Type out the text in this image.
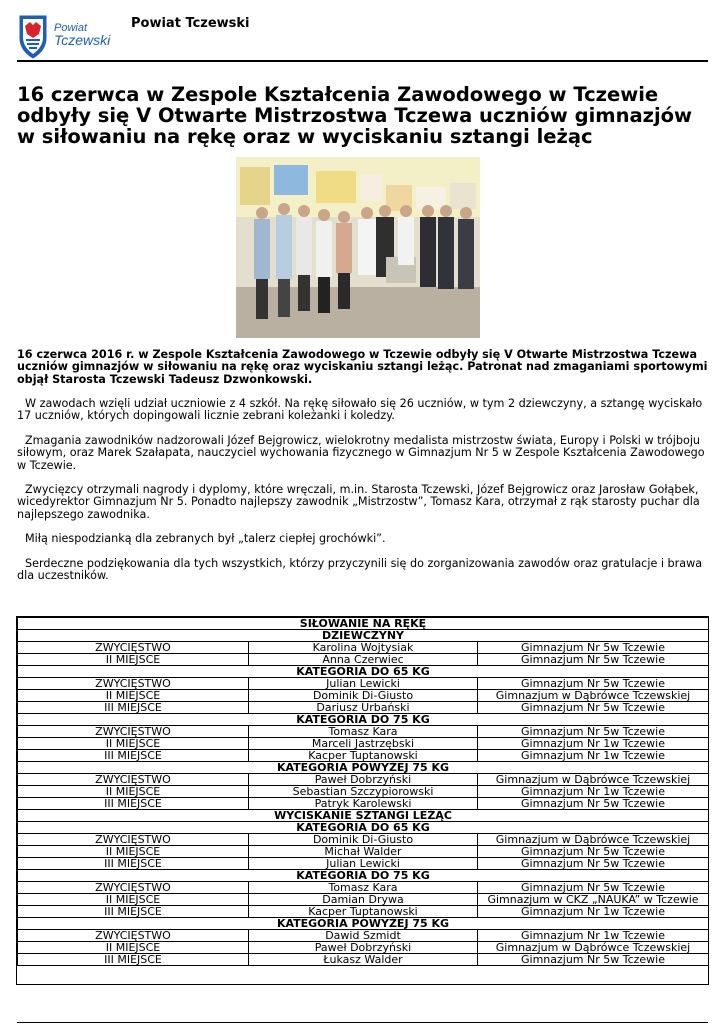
Powiat
Tczewski
Powiat Tczewski
16 czerwca w Zespole Kształcenia Zawodowego w Tczewie odbyły się V Otwarte Mistrzostwa Tczewa uczniów gimnazjów w siłowaniu na rękę oraz w wyciskaniu sztangi leżąc

16 czerwca 2016 r. w Zespole Kształcenia Zawodowego w Tczewie odbyły się V Otwarte Mistrzostwa Tczewa uczniów gimnazjów w siłowaniu na rękę oraz wyciskaniu sztangi leżąc. Patronat nad zmaganiami sportowymi objął Starosta Tczewski Tadeusz Dzwonkowski.

W zawodach wzięli udział uczniowie z 4 szkół. Na rękę siłowało się 26 uczniów, w tym 2 dziewczyny, a sztangę wyciskało 17 uczniów, których dopingowali licznie zebrani koleżanki i koledzy.

Zmagania zawodników nadzorowali Józef Bejgrowicz, wielokrotny medalista mistrzostw świata, Europy i Polski w trójboju siłowym, oraz Marek Szałapata, nauczyciel wychowania fizycznego w Gimnazjum Nr 5 w Zespole Kształcenia Zawodowego w Tczewie.

Zwycięzcy otrzymali nagrody i dyplomy, które wręczali, m.in. Starosta Tczewski, Józef Bejgrowicz oraz Jarosław Gołąbek, wicedyrektor Gimnazjum Nr 5. Ponadto najlepszy zawodnik „Mistrzostw”, Tomasz Kara, otrzymał z rąk starosty puchar dla najlepszego zawodnika.

Miłą niespodzianką dla zebranych był „talerz ciepłej grochówki”.

Serdeczne podziękowania dla tych wszystkich, którzy przyczynili się do zorganizowania zawodów oraz gratulacje i brawa dla uczestników.

SIŁOWANIE NA RĘKĘ		
DZIEWCZYNY		
ZWYCIĘSTWO	Karolina Wojtysiak	Gimnazjum Nr 5w Tczewie
II MIEJSCE	Anna Czerwiec	Gimnazjum Nr 5w Tczewie
KATEGORIA DO 65 KG		
ZWYCIĘSTWO	Julian Lewicki	Gimnazjum Nr 5w Tczewie
II MIEJSCE	Dominik Di-Giusto	Gimnazjum w Dąbrówce Tczewskiej
III MIEJSCE	Dariusz Urbański	Gimnazjum Nr 5w Tczewie
KATEGORIA DO 75 KG		
ZWYCIĘSTWO	Tomasz Kara	Gimnazjum Nr 5w Tczewie
II MIEJSCE	Marceli Jastrzębski	Gimnazjum Nr 1w Tczewie
III MIEJSCE	Kacper Tuptanowski	Gimnazjum Nr 1w Tczewie
KATEGORIA POWYŻEJ 75 KG		
ZWYCIĘSTWO	Paweł Dobrzyński	Gimnazjum w Dąbrówce Tczewskiej
II MIEJSCE	Sebastian Szczypiorowski	Gimnazjum Nr 1w Tczewie
III MIEJSCE	Patryk Karolewski	Gimnazjum Nr 5w Tczewie
WYCISKANIE SZTANGI LEŻĄC		
KATEGORIA DO 65 KG		
ZWYCIĘSTWO	Dominik Di-Giusto	Gimnazjum w Dąbrówce Tczewskiej
II MIEJSCE	Michał Walder	Gimnazjum Nr 5w Tczewie
III MIEJSCE	Julian Lewicki	Gimnazjum Nr 5w Tczewie
KATEGORIA DO 75 KG		
ZWYCIĘSTWO	Tomasz Kara	Gimnazjum Nr 5w Tczewie
II MIEJSCE	Damian Drywa	Gimnazjum w CKZ „NAUKA” w Tczewie
III MIEJSCE	Kacper Tuptanowski	Gimnazjum Nr 1w Tczewie
KATEGORIA POWYŻEJ 75 KG		
ZWYCIĘSTWO	Dawid Szmidt	Gimnazjum Nr 1w Tczewie
II MIEJSCE	Paweł Dobrzyński	Gimnazjum w Dąbrówce Tczewskiej
III MIEJSCE	Łukasz Walder	Gimnazjum Nr 5w Tczewie
